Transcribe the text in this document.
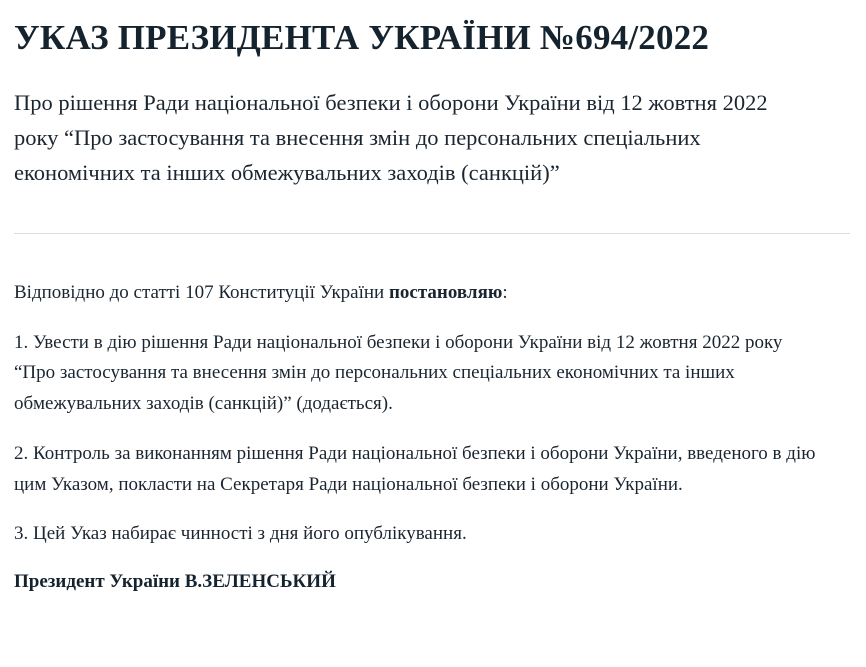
УКАЗ ПРЕЗИДЕНТА УКРАЇНИ №694/2022

Про рішення Ради національної безпеки і оборони України від 12 жовтня 2022 року “Про застосування та внесення змін до персональних спеціальних економічних та інших обмежувальних заходів (санкцій)”

Відповідно до статті 107 Конституції України постановляю:

1. Увести в дію рішення Ради національної безпеки і оборони України від 12 жовтня 2022 року “Про застосування та внесення змін до персональних спеціальних економічних та інших обмежувальних заходів (санкцій)” (додається).

2. Контроль за виконанням рішення Ради національної безпеки і оборони України, введеного в дію цим Указом, покласти на Секретаря Ради національної безпеки і оборони України.

3. Цей Указ набирає чинності з дня його опублікування.

Президент України В.ЗЕЛЕНСЬКИЙ
